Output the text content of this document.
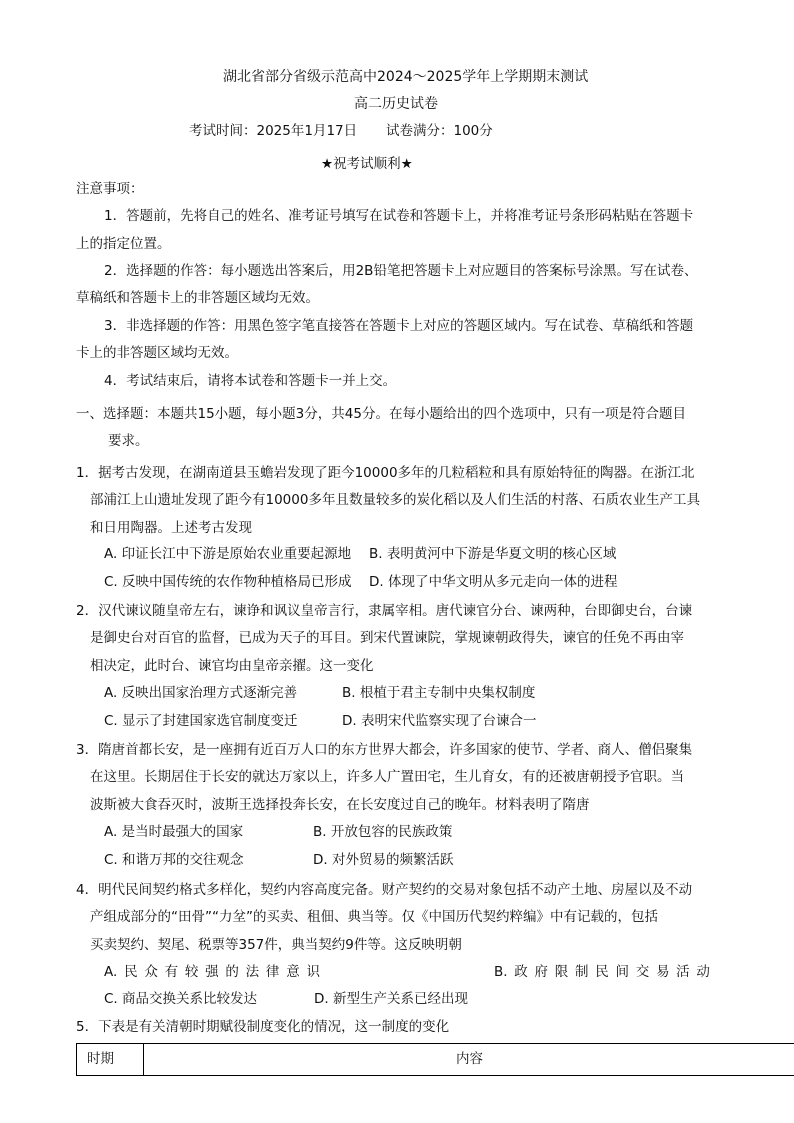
湖北省部分省级示范高中2024～2025学年上学期期末测试
高二历史试卷
考试时间：2025年1月17日 试卷满分：100分
★祝考试顺利★
注意事项：
1．答题前，先将自己的姓名、准考证号填写在试卷和答题卡上，并将准考证号条形码粘贴在答题卡
上的指定位置。
2．选择题的作答：每小题选出答案后，用2B铅笔把答题卡上对应题目的答案标号涂黑。写在试卷、
草稿纸和答题卡上的非答题区域均无效。
3．非选择题的作答：用黑色签字笔直接答在答题卡上对应的答题区域内。写在试卷、草稿纸和答题
卡上的非答题区域均无效。
4．考试结束后，请将本试卷和答题卡一并上交。
一、选择题：本题共15小题，每小题3分，共45分。在每小题给出的四个选项中，只有一项是符合题目
要求。
1．据考古发现，在湖南道县玉蟾岩发现了距今10000多年的几粒稻粒和具有原始特征的陶器。在浙江北
部浦江上山遗址发现了距今有10000多年且数量较多的炭化稻以及人们生活的村落、石质农业生产工具
和日用陶器。上述考古发现
A. 印证长江中下游是原始农业重要起源地 B. 表明黄河中下游是华夏文明的核心区域
C. 反映中国传统的农作物种植格局已形成 D. 体现了中华文明从多元走向一体的进程
2．汉代谏议随皇帝左右，谏诤和讽议皇帝言行，隶属宰相。唐代谏官分台、谏两种，台即御史台，台谏
是御史台对百官的监督，已成为天子的耳目。到宋代置谏院，掌规谏朝政得失，谏官的任免不再由宰
相决定，此时台、谏官均由皇帝亲擢。这一变化
A. 反映出国家治理方式逐渐完善	B. 根植于君主专制中央集权制度
C. 显示了封建国家选官制度变迁	D. 表明宋代监察实现了台谏合一
3．隋唐首都长安，是一座拥有近百万人口的东方世界大都会，许多国家的使节、学者、商人、僧侣聚集
在这里。长期居住于长安的就达万家以上，许多人广置田宅，生儿育女，有的还被唐朝授予官职。当
波斯被大食吞灭时，波斯王选择投奔长安，在长安度过自己的晚年。材料表明了隋唐
A. 是当时最强大的国家	B. 开放包容的民族政策
C. 和谐万邦的交往观念	D. 对外贸易的频繁活跃
4．明代民间契约格式多样化，契约内容高度完备。财产契约的交易对象包括不动产土地、房屋以及不动
产组成部分的“田骨”“力坌”的买卖、租佃、典当等。仅《中国历代契约粹编》中有记载的，包括
买卖契约、契尾、税票等357件，典当契约9件等。这反映明朝
A. 民 众 有 较 强 的 法 律 意 识	B. 政 府 限 制 民 间 交 易 活 动
C. 商品交换关系比较发达	D. 新型生产关系已经出现
5．下表是有关清朝时期赋役制度变化的情况，这一制度的变化
时期	内容
